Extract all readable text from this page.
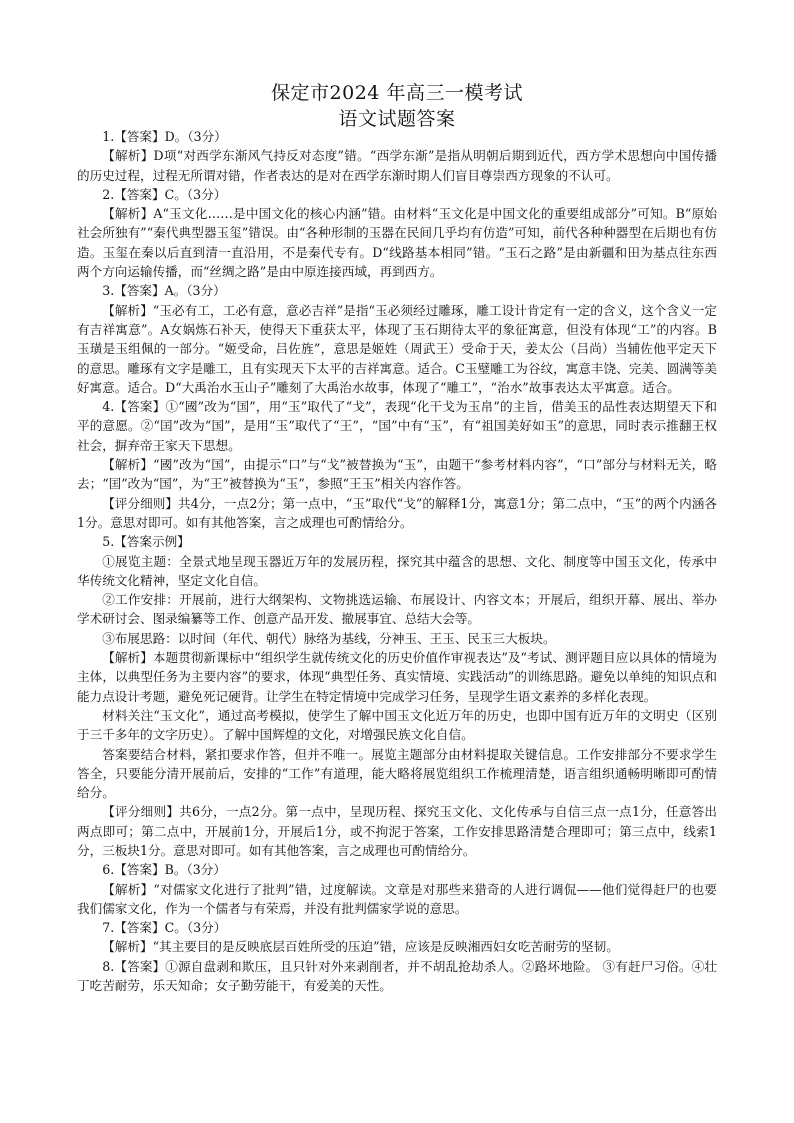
保定市2024 年高三一模考试
语文试题答案

1.【答案】D。（3分）

【解析】D项“对西学东渐风气持反对态度”错。“西学东渐”是指从明朝后期到近代，西方学术思想向中国传播的历史过程，过程无所谓对错，作者表达的是对在西学东渐时期人们盲目尊崇西方现象的不认可。

2.【答案】C。（3分）

【解析】A“玉文化……是中国文化的核心内涵”错。由材料“玉文化是中国文化的重要组成部分”可知。B“原始社会所独有”“秦代典型器玉玺”错误。由“各种形制的玉器在民间几乎均有仿造”可知，前代各种种器型在后期也有仿造。玉玺在秦以后直到清一直沿用，不是秦代专有。D“线路基本相同”错。“玉石之路”是由新疆和田为基点往东西两个方向运输传播，而“丝绸之路”是由中原连接西域，再到西方。

3.【答案】A。（3分）

【解析】“玉必有工，工必有意，意必吉祥”是指“玉必须经过雕琢，雕工设计肯定有一定的含义，这个含义一定有吉祥寓意”。A女娲炼石补天，使得天下重获太平，体现了玉石期待太平的象征寓意，但没有体现“工”的内容。B玉璜是玉组佩的一部分。“姬受命，吕佐旌”，意思是姬姓（周武王）受命于天，姜太公（吕尚）当辅佐他平定天下的意思。雕琢有文字是雕工，且有实现天下太平的吉祥寓意。适合。C玉璧雕工为谷纹，寓意丰饶、完美、圆满等美好寓意。适合。D“大禹治水玉山子”雕刻了大禹治水故事，体现了“雕工”，“治水”故事表达太平寓意。适合。

4.【答案】①“國”改为“国”，用“玉”取代了“戈”，表现“化干戈为玉帛”的主旨，借美玉的品性表达期望天下和平的意愿。②“囯”改为“国”，是用“玉”取代了“王”，“国”中有“玉”，有“祖国美好如玉”的意思，同时表示推翻王权社会，摒弃帝王家天下思想。

【解析】“國”改为“国”，由提示“口”与“戈”被替换为“玉”，由题干“参考材料内容”，“口”部分与材料无关，略去；“囯”改为“国”，为“王”被替换为“玉”，参照“王玉”相关内容作答。

【评分细则】共4分，一点2分；第一点中，“玉”取代“戈”的解释1分，寓意1分；第二点中，“玉”的两个内涵各1分。意思对即可。如有其他答案，言之成理也可酌情给分。

5.【答案示例】

①展览主题：全景式地呈现玉器近万年的发展历程，探究其中蕴含的思想、文化、制度等中国玉文化，传承中华传统文化精神，坚定文化自信。

②工作安排：开展前，进行大纲架构、文物挑选运输、布展设计、内容文本；开展后，组织开幕、展出、举办学术研讨会、图录编纂等工作、创意产品开发、撤展事宜、总结大会等。

③布展思路：以时间（年代、朝代）脉络为基线，分神玉、王玉、民玉三大板块。

【解析】本题贯彻新课标中“组织学生就传统文化的历史价值作审视表达”及“考试、测评题目应以具体的情境为主体，以典型任务为主要内容”的要求，体现“典型任务、真实情境、实践活动”的训练思路。避免以单纯的知识点和能力点设计考题，避免死记硬背。让学生在特定情境中完成学习任务，呈现学生语文素养的多样化表现。

材料关注“玉文化”，通过高考模拟，使学生了解中国玉文化近万年的历史，也即中国有近万年的文明史（区别于三千多年的文字历史）。了解中国辉煌的文化，对增强民族文化自信。

答案要结合材料，紧扣要求作答，但并不唯一。展览主题部分由材料提取关键信息。工作安排部分不要求学生答全，只要能分清开展前后，安排的“工作”有道理，能大略将展览组织工作梳理清楚，语言组织通畅明晰即可酌情给分。

【评分细则】共6分，一点2分。第一点中，呈现历程、探究玉文化、文化传承与自信三点一点1分，任意答出两点即可；第二点中，开展前1分，开展后1分，或不拘泥于答案，工作安排思路清楚合理即可；第三点中，线索1分，三板块1分。意思对即可。如有其他答案，言之成理也可酌情给分。

6.【答案】B。（3分）

【解析】“对儒家文化进行了批判”错，过度解读。文章是对那些来猎奇的人进行调侃——他们觉得赶尸的也要我们儒家文化，作为一个儒者与有荣焉，并没有批判儒家学说的意思。

7.【答案】C。（3分）

【解析】“其主要目的是反映底层百姓所受的压迫”错，应该是反映湘西妇女吃苦耐劳的坚韧。

8.【答案】①源自盘剥和欺压，且只针对外来剥削者，并不胡乱抢劫杀人。②路坏地险。 ③有赶尸习俗。④壮丁吃苦耐劳，乐天知命；女子勤劳能干，有爱美的天性。
